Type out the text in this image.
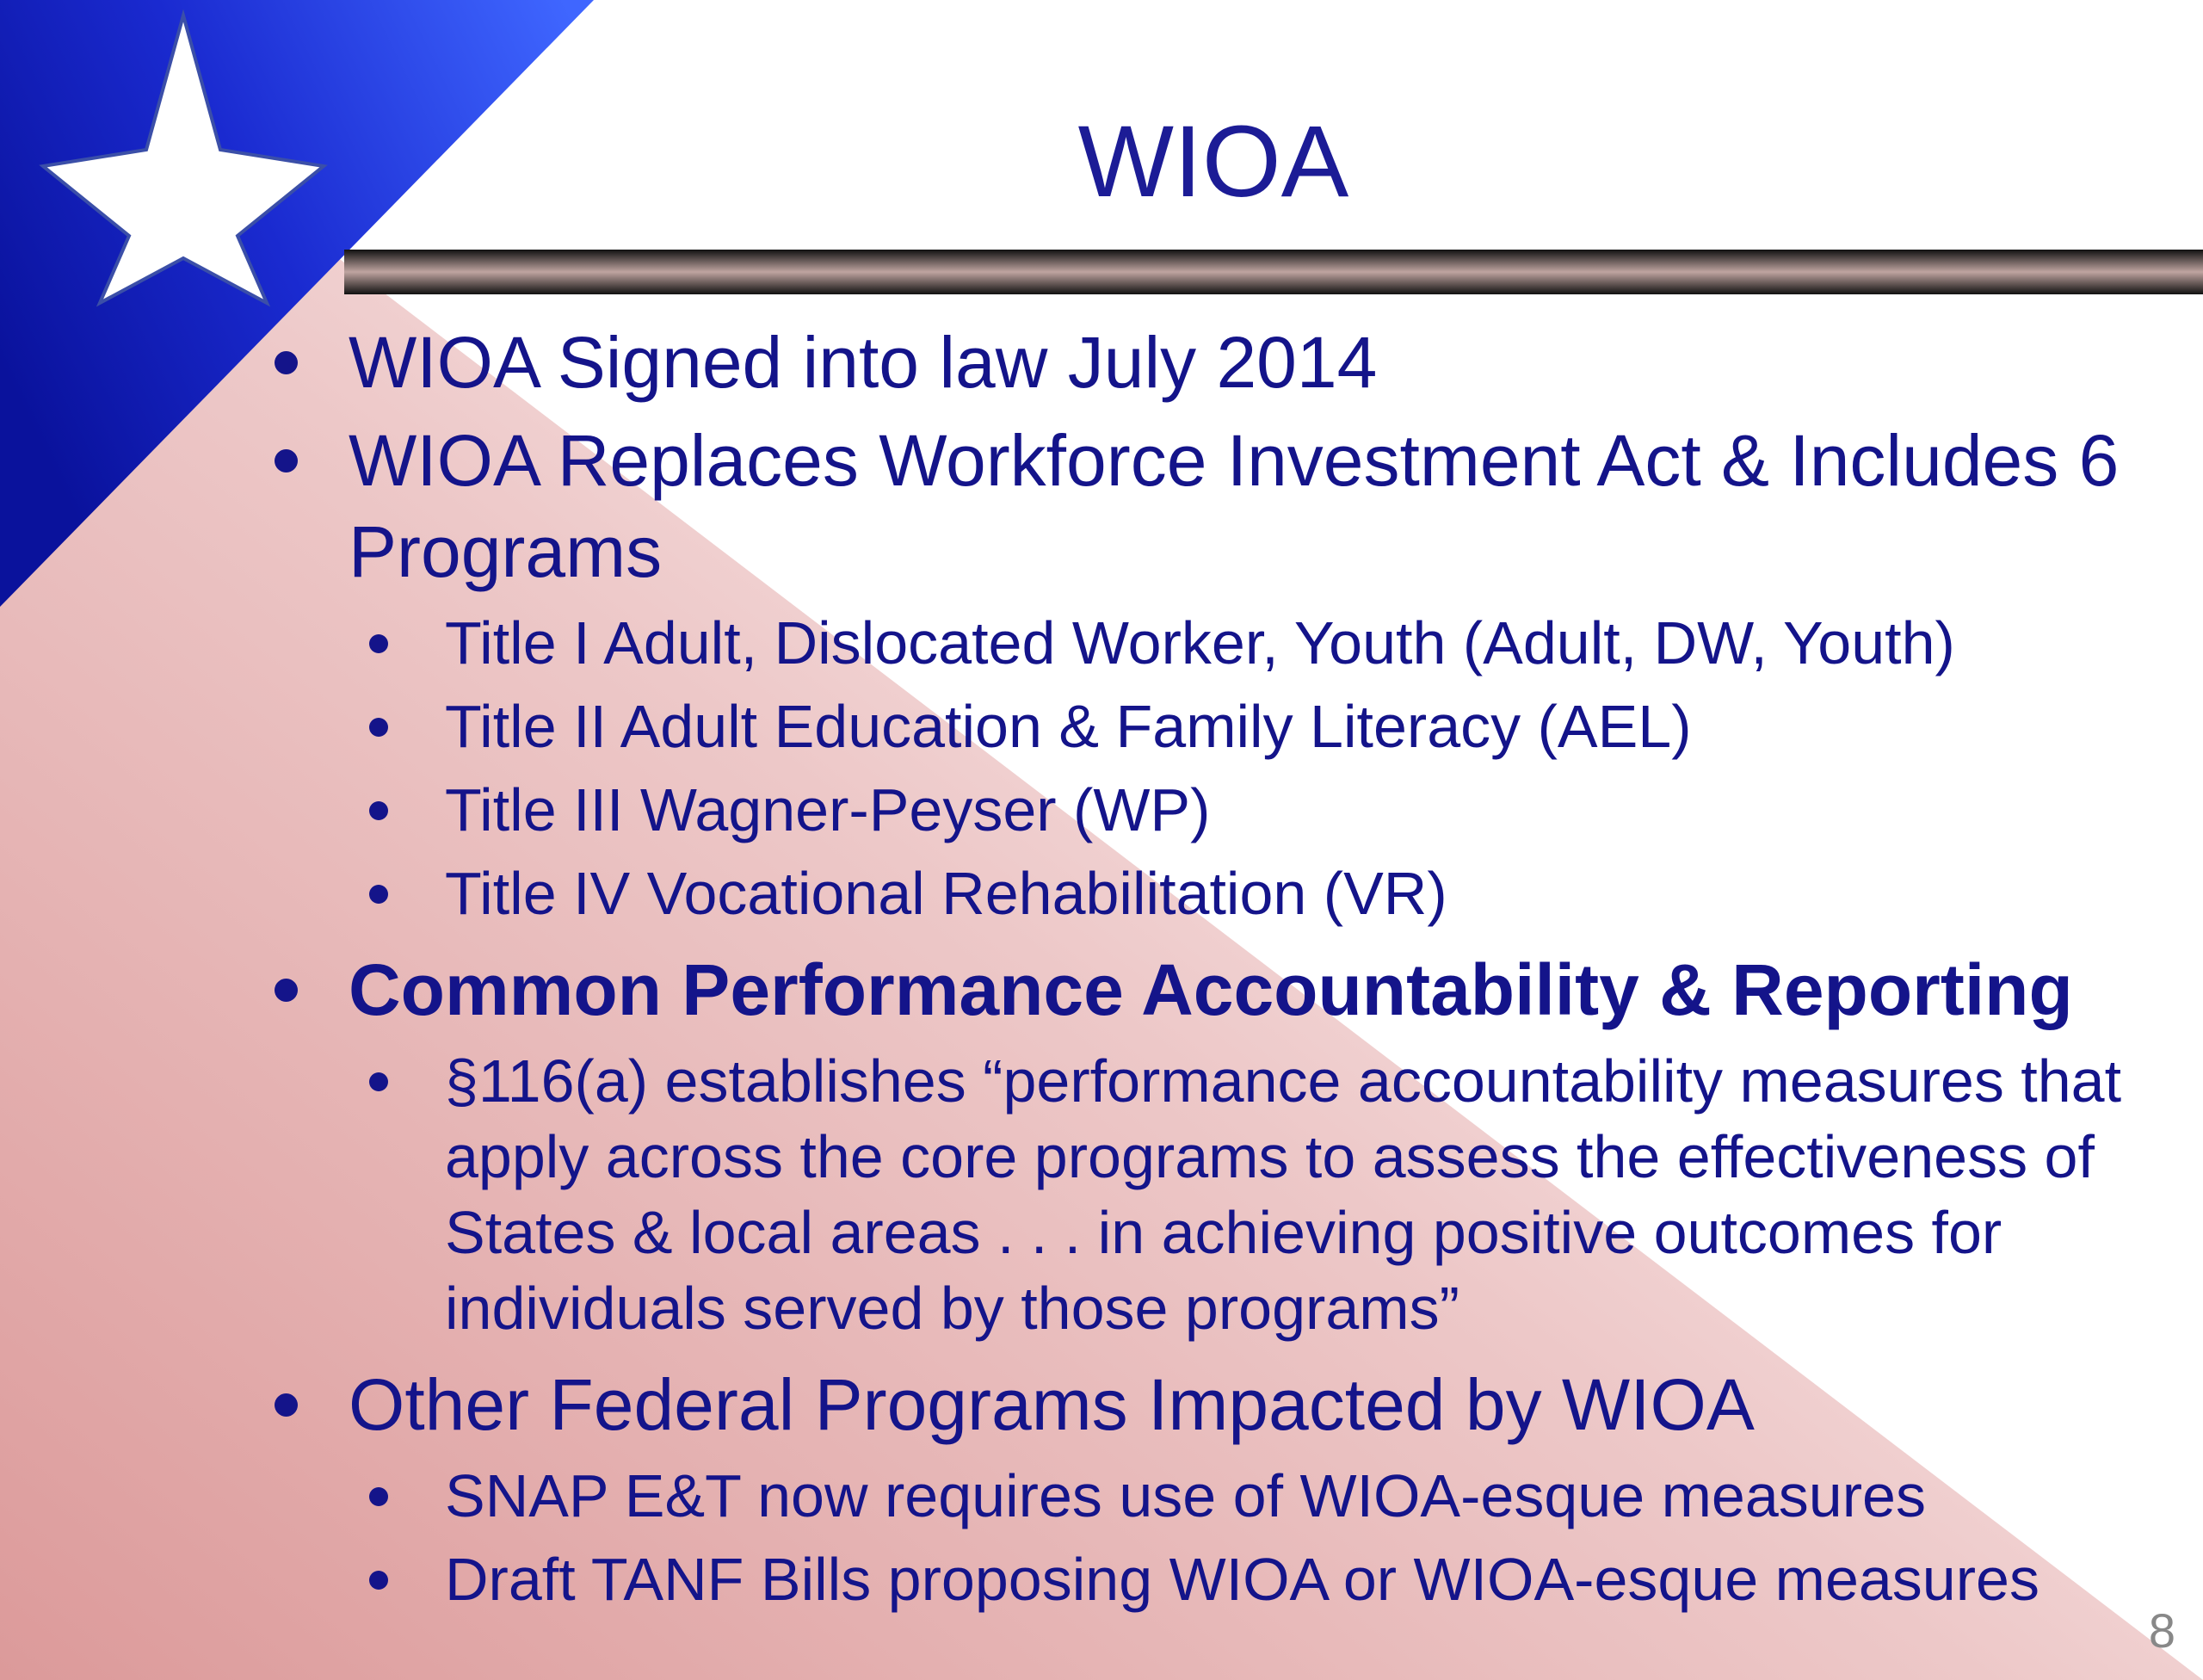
WIOA
WIOA Signed into law July 2014
WIOA Replaces Workforce Investment Act & Includes 6 Programs
Title I Adult, Dislocated Worker, Youth (Adult, DW, Youth)
Title II Adult Education & Family Literacy (AEL)
Title III Wagner-Peyser (WP)
Title IV Vocational Rehabilitation (VR)
Common Performance Accountability & Reporting
§116(a) establishes “performance accountability measures that apply across the core programs to assess the effectiveness of States & local areas . . . in achieving positive outcomes for individuals served by those programs”
Other Federal Programs Impacted by WIOA
SNAP E&T now requires use of WIOA-esque measures
Draft TANF Bills proposing WIOA or WIOA-esque measures
8
